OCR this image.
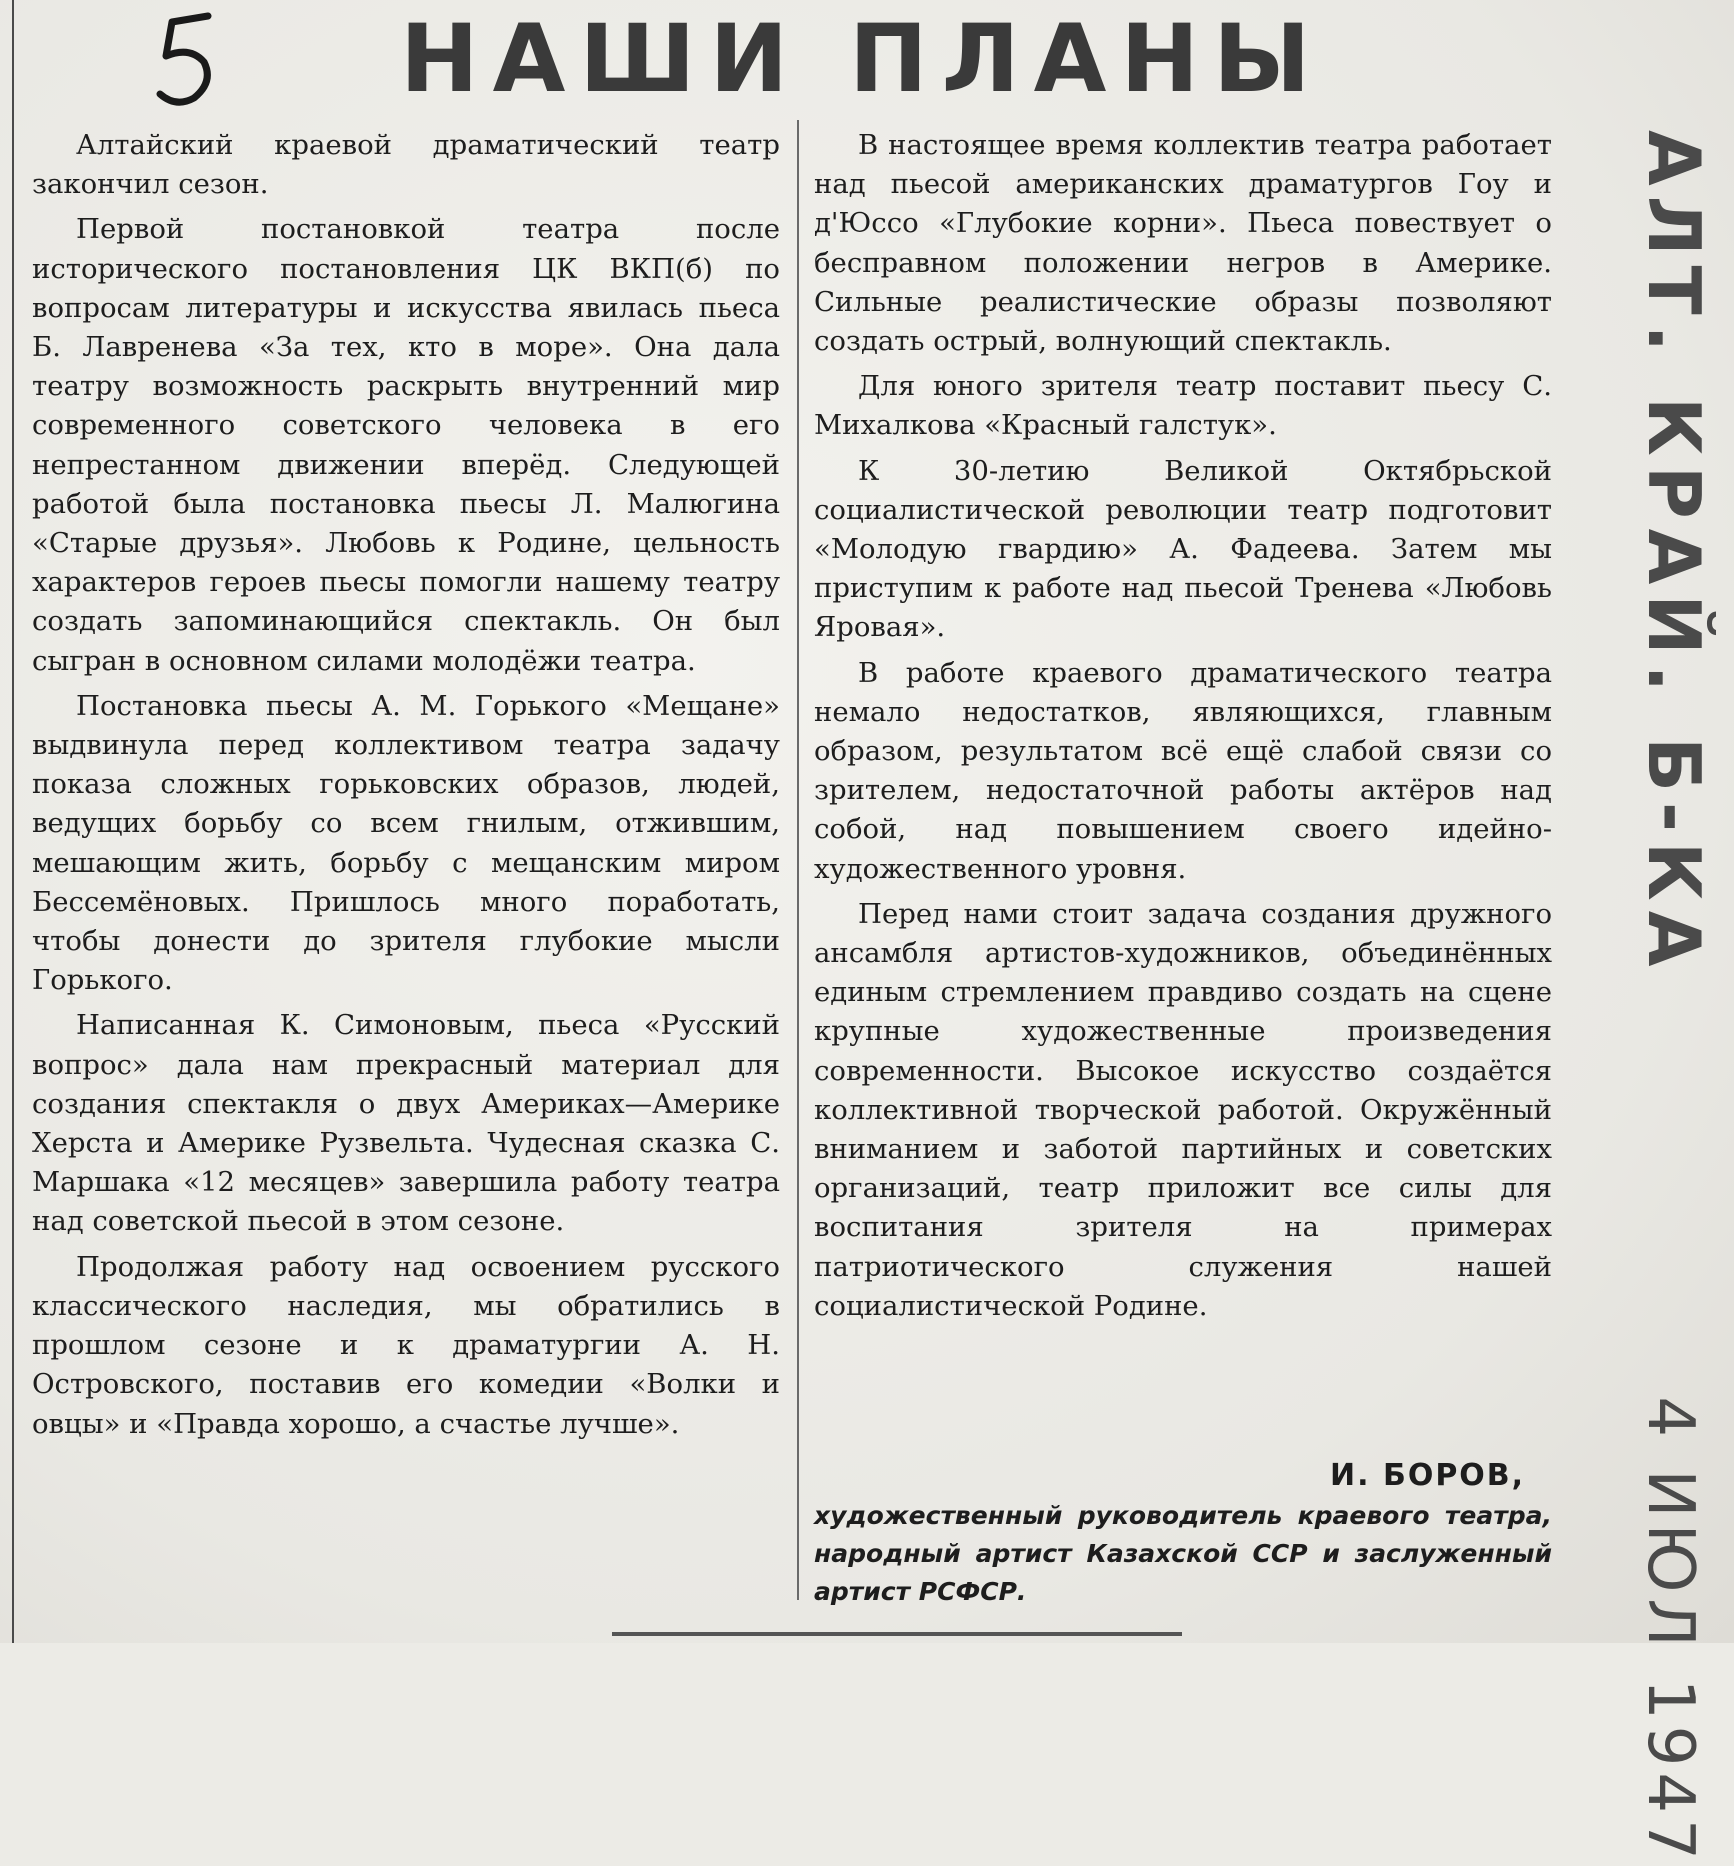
НАШИ ПЛАНЫ

Алтайский краевой драматический театр закончил сезон.

Первой постановкой театра после исторического постановления ЦК ВКП(б) по вопросам литературы и искусства явилась пьеса Б. Лавренева «За тех, кто в море». Она дала театру возможность раскрыть внутренний мир современного советского человека в его непрестанном движении вперёд. Следующей работой была постановка пьесы Л. Малюгина «Старые друзья». Любовь к Родине, цельность характеров героев пьесы помогли нашему театру создать запоминающийся спектакль. Он был сыгран в основном силами молодёжи театра.

Постановка пьесы А. М. Горького «Мещане» выдвинула перед коллективом театра задачу показа сложных горьковских образов, людей, ведущих борьбу со всем гнилым, отжившим, мешающим жить, борьбу с мещанским миром Бессемёновых. Пришлось много поработать, чтобы донести до зрителя глубокие мысли Горького.

Написанная К. Симоновым, пьеса «Русский вопрос» дала нам прекрасный материал для создания спектакля о двух Америках—Америке Херста и Америке Рузвельта. Чудесная сказка С. Маршака «12 месяцев» завершила работу театра над советской пьесой в этом сезоне.

Продолжая работу над освоением русского классического наследия, мы обратились в прошлом сезоне и к драматургии А. Н. Островского, поставив его комедии «Волки и овцы» и «Правда хорошо, а счастье лучше».

В настоящее время коллектив театра работает над пьесой американских драматургов Гоу и д'Юссо «Глубокие корни». Пьеса повествует о бесправном положении негров в Америке. Сильные реалистические образы позволяют создать острый, волнующий спектакль.

Для юного зрителя театр поставит пьесу С. Михалкова «Красный галстук».

К 30-летию Великой Октябрьской социалистической революции театр подготовит «Молодую гвардию» А. Фадеева. Затем мы приступим к работе над пьесой Тренева «Любовь Яровая».

В работе краевого драматического театра немало недостатков, являющихся, главным образом, результатом всё ещё слабой связи со зрителем, недостаточной работы актёров над собой, над повышением своего идейно-художественного уровня.

Перед нами стоит задача создания дружного ансамбля артистов-художников, объединённых единым стремлением правдиво создать на сцене крупные художественные произведения современности. Высокое искусство создаётся коллективной творческой работой. Окружённый вниманием и заботой партийных и советских организаций, театр приложит все силы для воспитания зрителя на примерах патриотического служения нашей социалистической Родине.

И. БОРОВ,
художественный руководитель краевого театра, народный артист Казахской ССР и заслуженный артист РСФСР.
АЛТ. КРАЙ. Б-КА4 ИЮЛ 1947
